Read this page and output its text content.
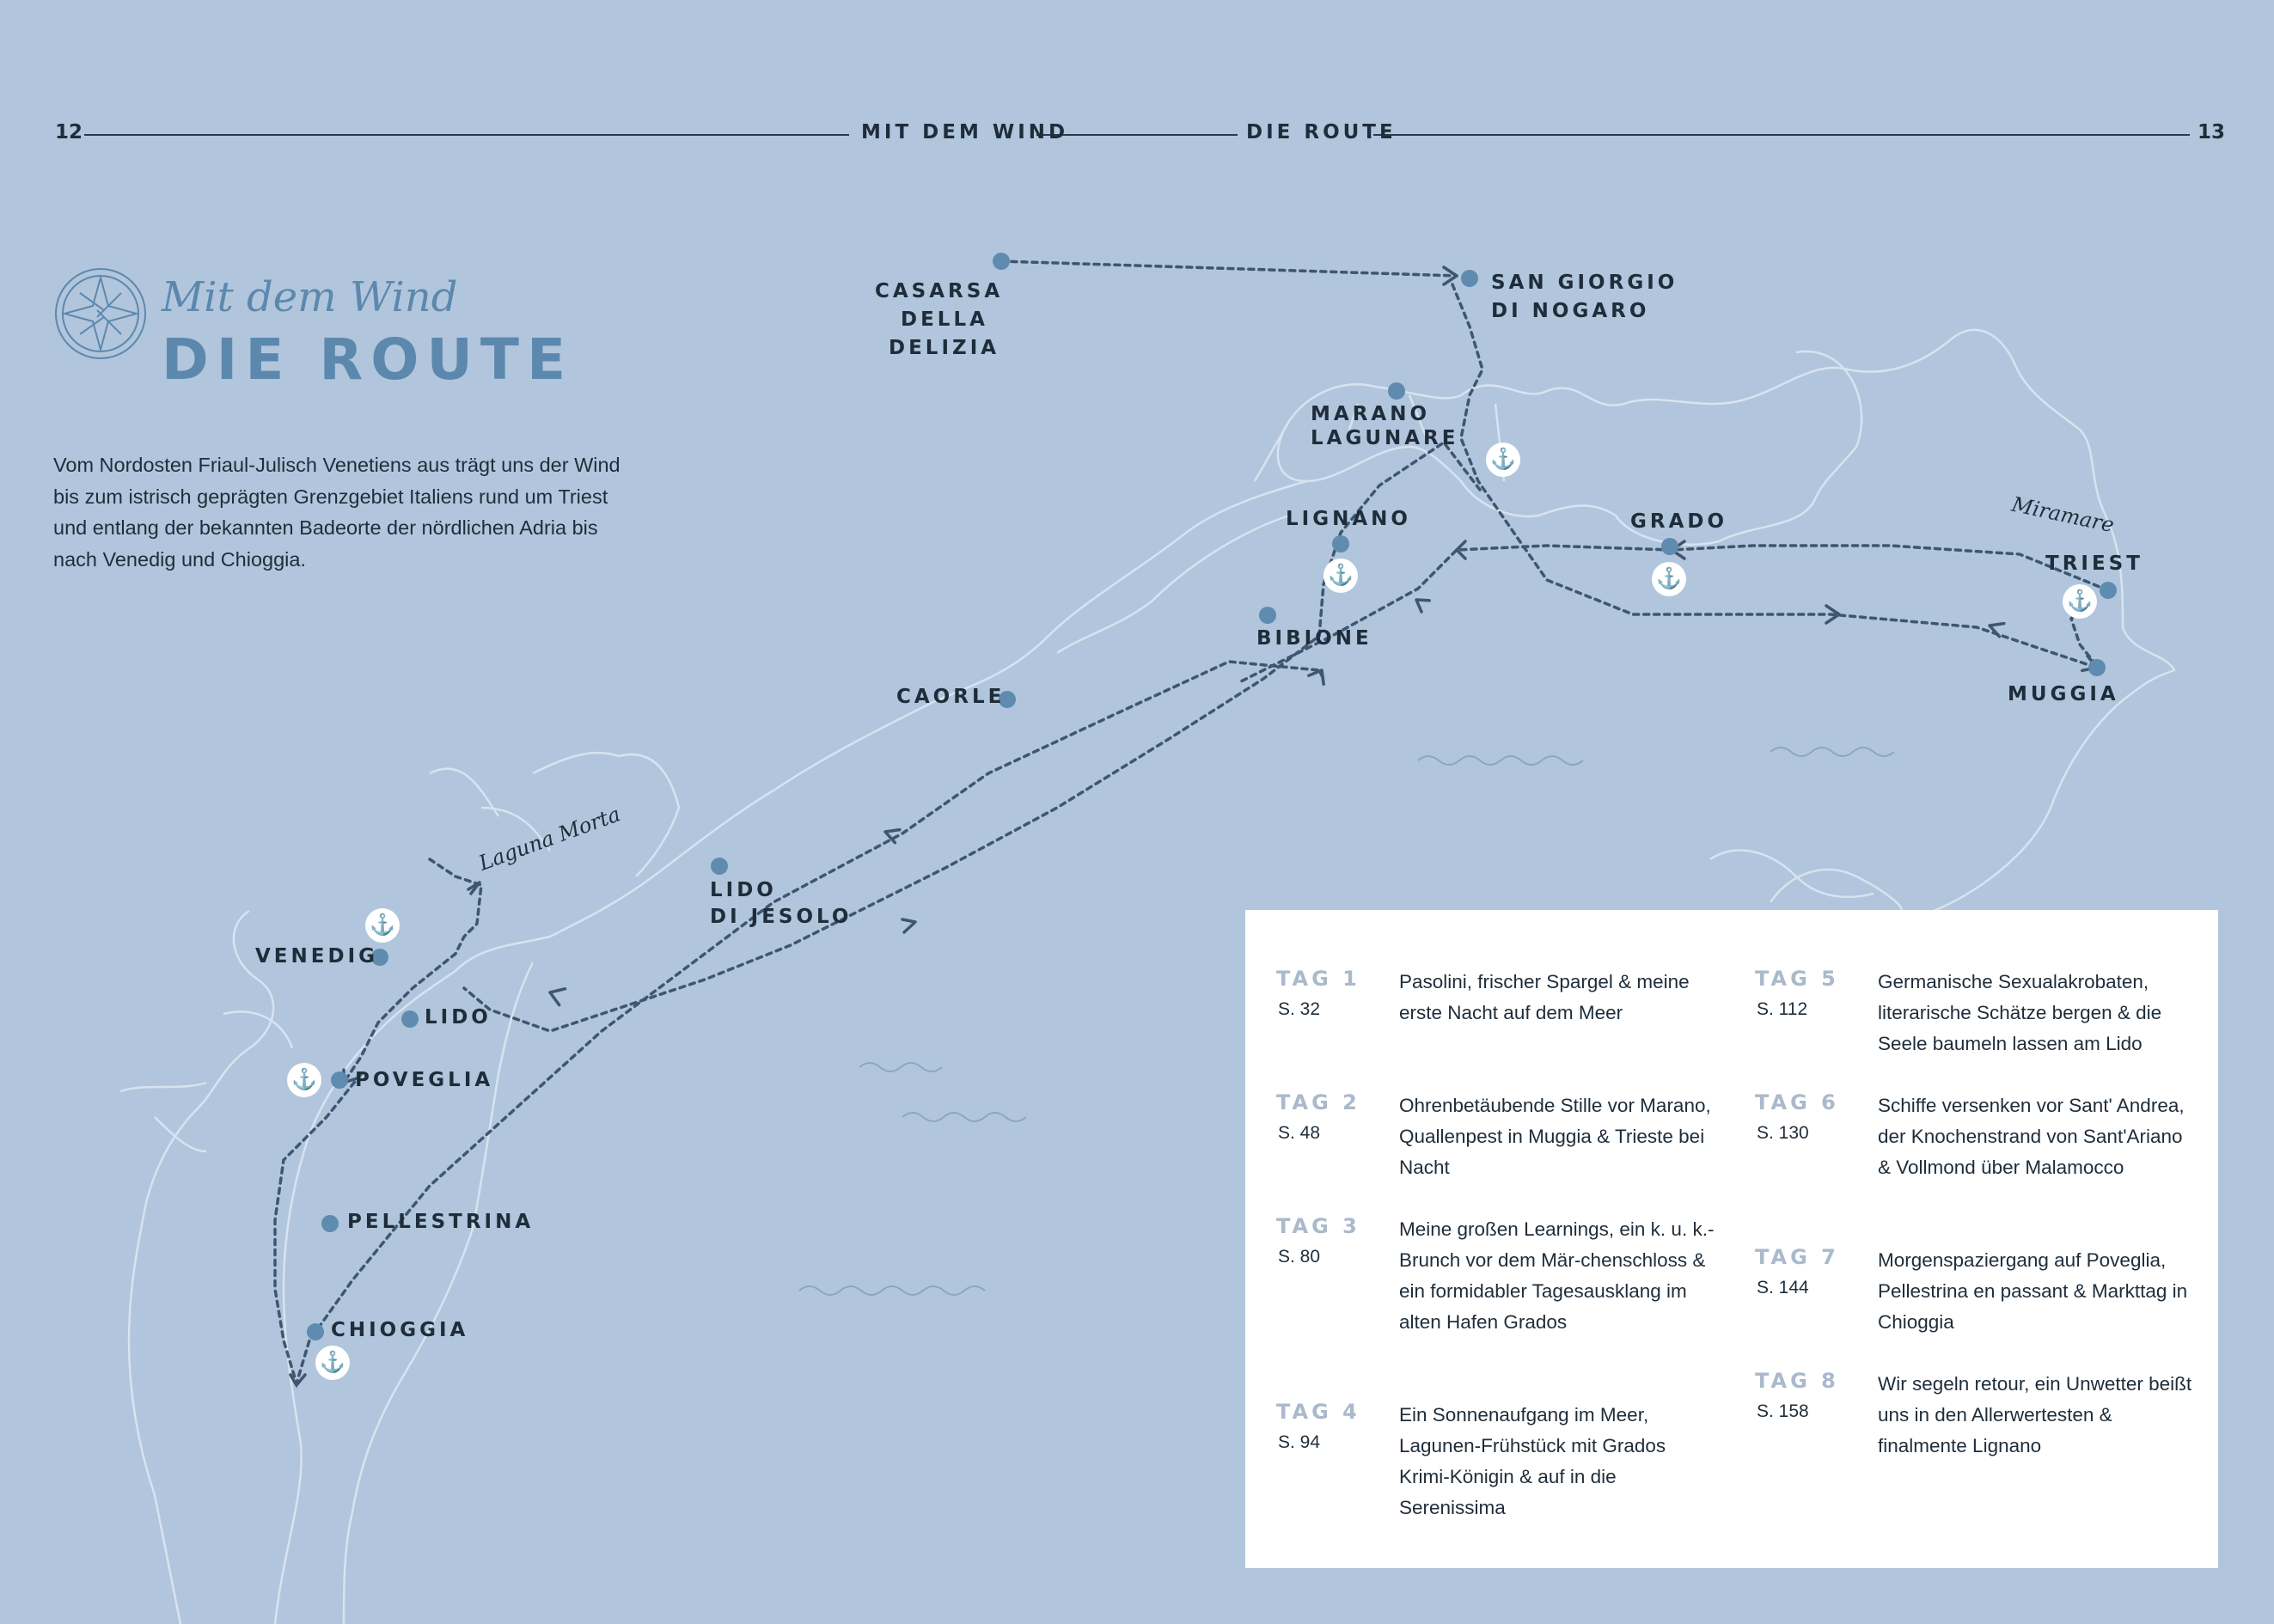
12	MIT DEM WIND	DIE ROUTE	13
Mit dem Wind
DIE ROUTE

Vom Nordosten Friaul-Julisch Venetiens aus trägt uns der Wind bis zum istrisch geprägten Grenzgebiet Italiens rund um Triest und entlang der bekannten Badeorte der nördlichen Adria bis nach Venedig und Chioggia.

⚓
⚓	⚓
⚓
⚓
⚓
⚓
CASARSA
DELLA
DELIZIA
SAN GIORGIO
DI NOGARO
MARANO
LAGUNARE
LIGNANO	GRADO
TRIEST
MUGGIA
BIBIONE
CAORLE
LIDO
DI JESOLO
VENEDIG
LIDO
POVEGLIA
PELLESTRINA
CHIOGGIA
Miramare
Laguna Morta
TAG 1
S. 32
Pasolini, frischer Spargel & meine erste Nacht auf dem Meer
TAG 2
S. 48
Ohrenbetäubende Stille vor Marano, Quallenpest in Muggia & Trieste bei Nacht
TAG 3
S. 80
Meine großen Learnings, ein k. u. k.-Brunch vor dem Mär-chenschloss & ein formidabler Tagesausklang im alten Hafen Grados
TAG 4
S. 94
Ein Sonnenaufgang im Meer, Lagunen-Frühstück mit Grados Krimi-Königin & auf in die Serenissima
TAG 5
S. 112
Germanische Sexualakrobaten, literarische Schätze bergen & die Seele baumeln lassen am Lido
TAG 6
S. 130
Schiffe versenken vor Sant' Andrea, der Knochenstrand von Sant'Ariano & Vollmond über Malamocco
TAG 7
S. 144
Morgenspaziergang auf Poveglia, Pellestrina en passant & Markttag in Chioggia
TAG 8
S. 158
Wir segeln retour, ein Unwetter beißt uns in den Allerwertesten & finalmente Lignano
